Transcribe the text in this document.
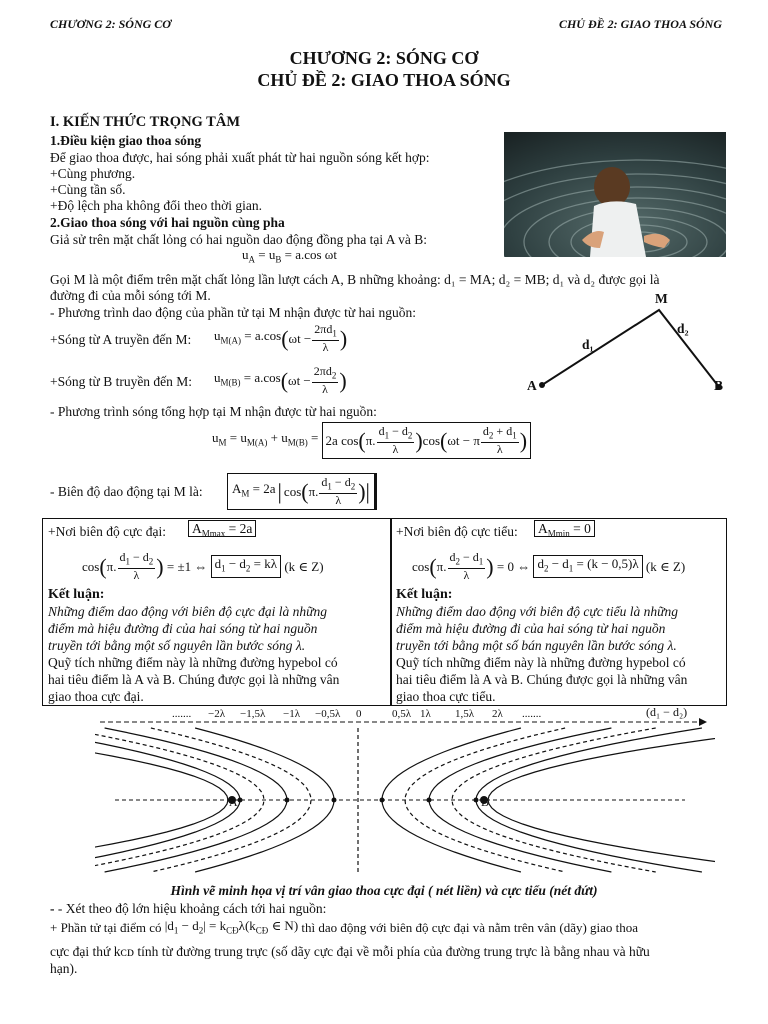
CHƯƠNG 2: SÓNG CƠ	CHỦ ĐỀ 2: GIAO THOA SÓNG
CHƯƠNG 2: SÓNG CƠ
CHỦ ĐỀ 2: GIAO THOA SÓNG
I. KIẾN THỨC TRỌNG TÂM
1.Điều kiện giao thoa sóng
Để giao thoa được, hai sóng phải xuất phát từ hai nguồn sóng kết hợp:
+Cùng phương.
+Cùng tần số.
+Độ lệch pha không đổi theo thời gian.
2.Giao thoa sóng với hai nguồn cùng pha
Giả sử trên mặt chất lỏng có hai nguồn dao động đồng pha tại A và B:
$u_A = u_B = a.\cos$ ωt
Gọi M là một điểm trên mặt chất lỏng lần lượt cách A, B những khoảng: d₁ = MA; d₂ = MB; d₁ và d₂ được gọi là
đường đi của mỗi sóng tới M.
- Phương trình dao động của phần tử tại M nhận được từ hai nguồn:
M
A	B
d₁
d₂
+Sóng từ A truyền đến M: $u_{M(A)} = a.\cos$ ( $\omega t - \frac{2\pi d_1}{\lambda}$ )
+Sóng từ B truyền đến M: $u_{M(B)} = a.\cos$ ( $\omega t - \frac{2\pi d_2}{\lambda}$ )
- Phương trình sóng tổng hợp tại M nhận được từ hai nguồn:
$u_M = u_{M(A)} + u_{M(B)} = 2a$ cos ( π. $\frac{d_1 - d_2}{\lambda}$ ) cos ( ωt − π $\frac{d_2 + d_1}{\lambda}$ )
- Biên độ dao động tại M là: $A_M = 2a$ | cos ( π. $\frac{d_1 - d_2}{\lambda}$ ) |
+Nơi biên độ cực đại: $A_{Mmax} = 2a$
cos ( π. $\frac{d_1 - d_2}{\lambda}$ ) = ±1 ⇔ $d_1 - d_2 = k\lambda$ (k ∈ Z)
Kết luận:
Những điểm dao động với biên độ cực đại là những
điểm mà hiệu đường đi của hai sóng từ hai nguồn
truyền tới bằng một số nguyên lần bước sóng λ.
Quỹ tích những điểm này là những đường hypebol có
hai tiêu điểm là A và B. Chúng được gọi là những vân
giao thoa cực đại.
+Nơi biên độ cực tiểu: $A_{Mmin} = 0$
cos ( π. $\frac{d_2 - d_1}{\lambda}$ ) = 0 ⇔ $d_2 - d_1 = (k - 0,5)\lambda$ (k ∈ Z)
Kết luận:
Những điểm dao động với biên độ cực tiểu là những
điểm mà hiệu đường đi của hai sóng từ hai nguồn
truyền tới bằng một số bán nguyên lần bước sóng λ.
Quỹ tích những điểm này là những đường hypebol có
hai tiêu điểm là A và B. Chúng được gọi là những vân
giao thoa cực tiểu.
....... −2λ −1,5λ −1λ −0,5λ 0	0,5λ 1λ 1,5λ 2λ .......	(d₁ − d₂)
A	B
Hình vẽ minh họa vị trí vân giao thoa cực đại ( nét liền) và cực tiểu (nét đứt)
- - Xét theo độ lớn hiệu khoảng cách tới hai nguồn:
+ Phần tử tại điểm có $|d_1 - d_2| = k_{CĐ}\lambda(k_{CĐ}$ ∈ N) thì dao động với biên độ cực đại và nằm trên vân (dãy) giao thoa
cực đại thứ kᴄᴅ tính từ đường trung trực (số dãy cực đại về mỗi phía của đường trung trực là bằng nhau và hữu
hạn).
